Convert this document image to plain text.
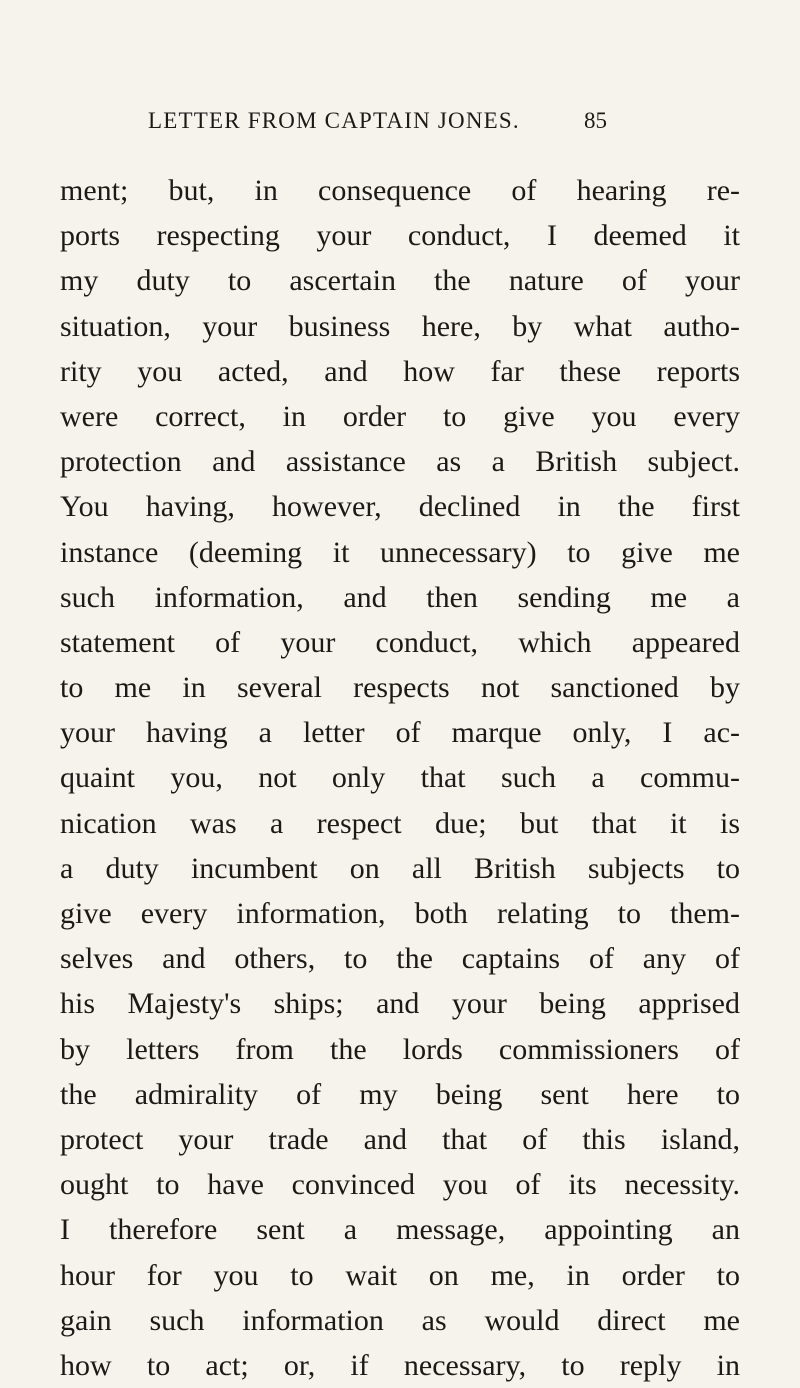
LETTER FROM CAPTAIN JONES.	85
ment; but, in consequence of hearing re-
ports respecting your conduct, I deemed it
my duty to ascertain the nature of your
situation, your business here, by what autho-
rity you acted, and how far these reports
were correct, in order to give you every
protection and assistance as a British subject.
You having, however, declined in the first
instance (deeming it unnecessary) to give me
such information, and then sending me a
statement of your conduct, which appeared
to me in several respects not sanctioned by
your having a letter of marque only, I ac-
quaint you, not only that such a commu-
nication was a respect due; but that it is
a duty incumbent on all British subjects to
give every information, both relating to them-
selves and others, to the captains of any of
his Majesty's ships; and your being apprised
by letters from the lords commissioners of
the admirality of my being sent here to
protect your trade and that of this island,
ought to have convinced you of its necessity.
I therefore sent a message, appointing an
hour for you to wait on me, in order to
gain such information as would direct me
how to act; or, if necessary, to reply in
